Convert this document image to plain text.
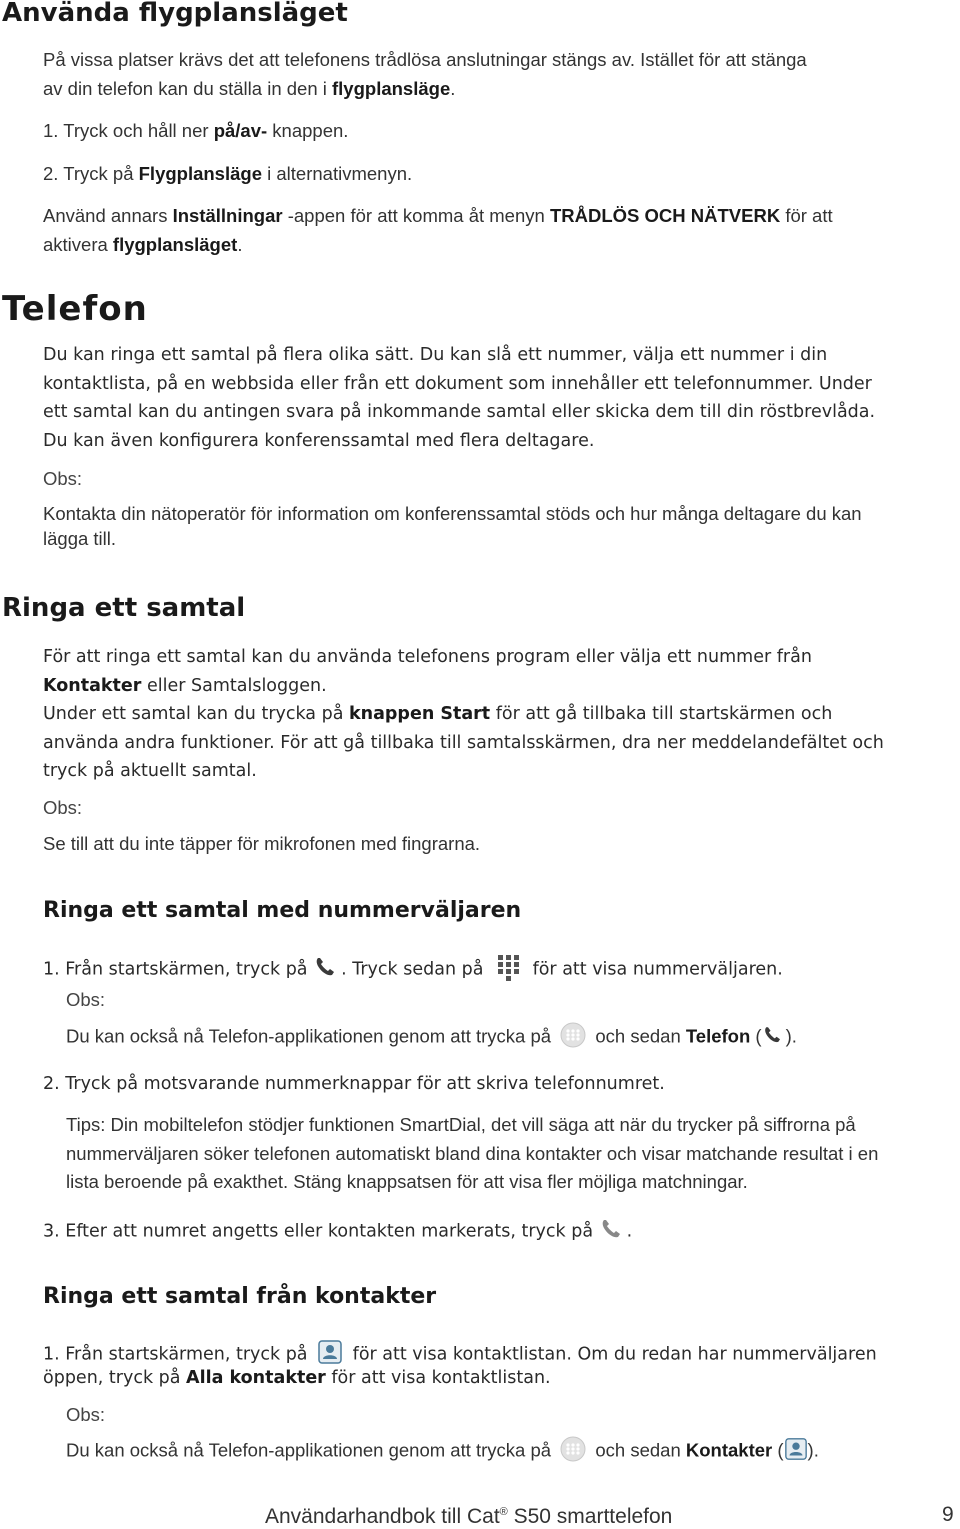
Använda flygplansläget
På vissa platser krävs det att telefonens trådlösa anslutningar stängs av. Istället för att stänga
av din telefon kan du ställa in den i flygplansläge.
1. Tryck och håll ner på/av- knappen.
2. Tryck på Flygplansläge i alternativmenyn.
Använd annars Inställningar -appen för att komma åt menyn TRÅDLÖS OCH NÄTVERK för att
aktivera flygplansläget.
Telefon
Du kan ringa ett samtal på flera olika sätt. Du kan slå ett nummer, välja ett nummer i din
kontaktlista, på en webbsida eller från ett dokument som innehåller ett telefonnummer. Under
ett samtal kan du antingen svara på inkommande samtal eller skicka dem till din röstbrevlåda.
Du kan även konfigurera konferenssamtal med flera deltagare.
Obs:
Kontakta din nätoperatör för information om konferenssamtal stöds och hur många deltagare du kan
lägga till.
Ringa ett samtal
För att ringa ett samtal kan du använda telefonens program eller välja ett nummer från
Kontakter eller Samtalsloggen.
Under ett samtal kan du trycka på knappen Start för att gå tillbaka till startskärmen och
använda andra funktioner. För att gå tillbaka till samtalsskärmen, dra ner meddelandefältet och
tryck på aktuellt samtal.
Obs:
Se till att du inte täpper för mikrofonen med fingrarna.
Ringa ett samtal med nummerväljaren
1. Från startskärmen, tryck på . Tryck sedan på  för att visa nummerväljaren.
Obs:
Du kan också nå Telefon-applikationen genom att trycka på  och sedan Telefon ( ).
2. Tryck på motsvarande nummerknappar för att skriva telefonnumret.
Tips: Din mobiltelefon stödjer funktionen SmartDial, det vill säga att när du trycker på siffrorna på
nummerväljaren söker telefonen automatiskt bland dina kontakter och visar matchande resultat i en
lista beroende på exakthet. Stäng knappsatsen för att visa fler möjliga matchningar.
3. Efter att numret angetts eller kontakten markerats, tryck på .
Ringa ett samtal från kontakter
1. Från startskärmen, tryck på  för att visa kontaktlistan. Om du redan har nummerväljaren
öppen, tryck på Alla kontakter för att visa kontaktlistan.
Obs:
Du kan också nå Telefon-applikationen genom att trycka på  och sedan Kontakter ( ).
Användarhandbok till Cat® S50 smarttelefon	9
